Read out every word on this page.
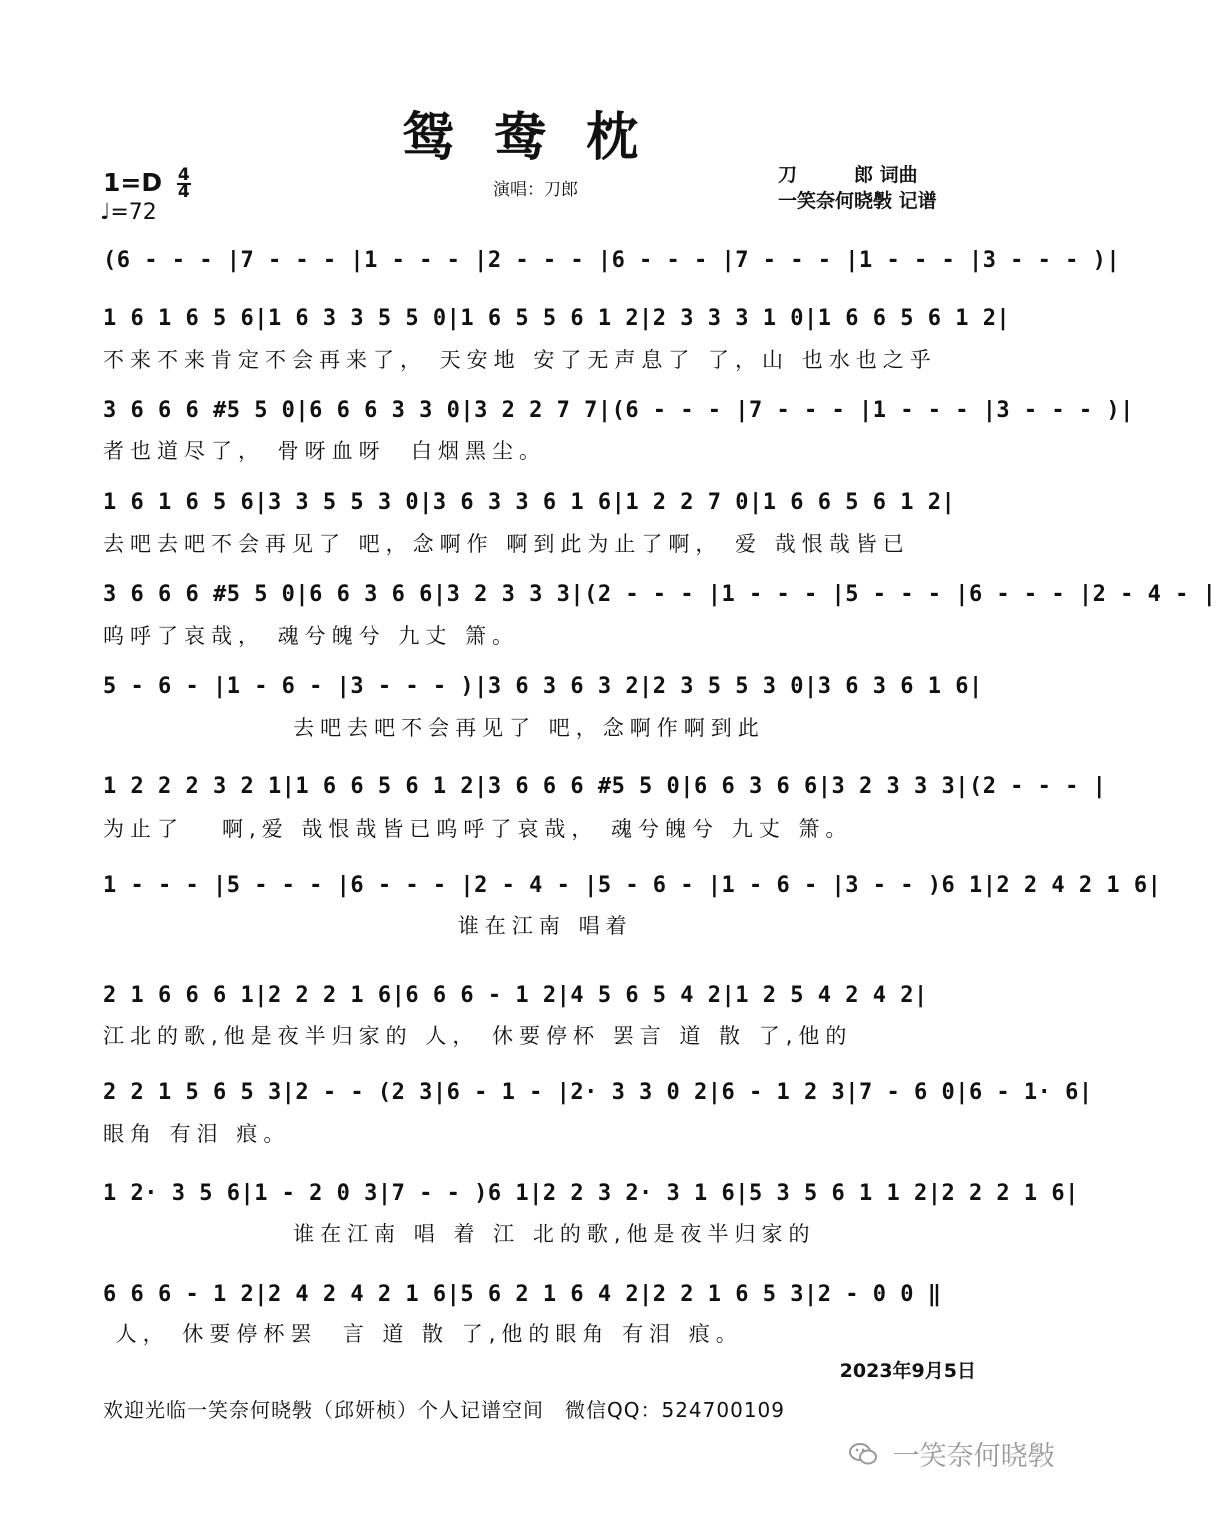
鸳鸯枕
$1=D \frac{4}{4}$
♩=72
演唱：刀郎
刀　　　郎 词曲
一笑奈何晓斅 记谱
(6 - - - |7 - - - |1 - - - |2 - - - |6 - - - |7 - - - |1 - - - |3 - - - )|
1 6 1 6 5 6|1 6 3 3 5 5 0|1 6 5 5 6 1 2|2 3 3 3 1 0|1 6 6 5 6 1 2|
不来不来肯定不会再来了， 天安地 安了无声息了 了，山 也水也之乎
3 6 6 6 #5 5 0|6 6 6 3 3 0|3 2 2 7 7|(6 - - - |7 - - - |1 - - - |3 - - - )|
者也道尽了， 骨呀血呀  白烟黑尘。
1 6 1 6 5 6|3 3 5 5 3 0|3 6 3 3 6 1 6|1 2 2 7 0|1 6 6 5 6 1 2|
去吧去吧不会再见了 吧，念啊作 啊到此为止了啊， 爱 哉恨哉皆已
3 6 6 6 #5 5 0|6 6 3 6 6|3 2 3 3 3|(2 - - - |1 - - - |5 - - - |6 - - - |2 - 4 - |
呜呼了哀哉， 魂兮魄兮 九丈 箫。
5 - 6 - |1 - 6 - |3 - - - )|3 6 3 6 3 2|2 3 5 5 3 0|3 6 3 6 1 6|
去吧去吧不会再见了 吧，念啊作啊到此
1 2 2 2 3 2 1|1 6 6 5 6 1 2|3 6 6 6 #5 5 0|6 6 3 6 6|3 2 3 3 3|(2 - - - |
为止了   啊,爱 哉恨哉皆已呜呼了哀哉， 魂兮魄兮 九丈 箫。
1 - - - |5 - - - |6 - - - |2 - 4 - |5 - 6 - |1 - 6 - |3 - - )6 1|2 2 4 2 1 6|
谁在江南 唱着
2 1 6 6 6 1|2 2 2 1 6|6 6 6 - 1 2|4 5 6 5 4 2|1 2 5 4 2 4 2|
江北的歌,他是夜半归家的 人， 休要停杯 罢言 道 散 了,他的
2 2 1 5 6 5 3|2 - - (2 3|6 - 1 - |2· 3 3 0 2|6 - 1 2 3|7 - 6 0|6 - 1· 6|
眼角 有泪 痕。
1 2· 3 5 6|1 - 2 0 3|7 - - )6 1|2 2 3 2· 3 1 6|5 3 5 6 1 1 2|2 2 2 1 6|
谁在江南 唱 着 江 北的歌,他是夜半归家的
6 6 6 - 1 2|2 4 2 4 2 1 6|5 6 2 1 6 4 2|2 2 1 6 5 3|2 - 0 0 ‖
人， 休要停杯罢  言 道 散 了,他的眼角 有泪 痕。
2023年9月5日
欢迎光临一笑奈何晓斅（邱妍桢）个人记谱空间　微信QQ：524700109
一笑奈何晓斅
